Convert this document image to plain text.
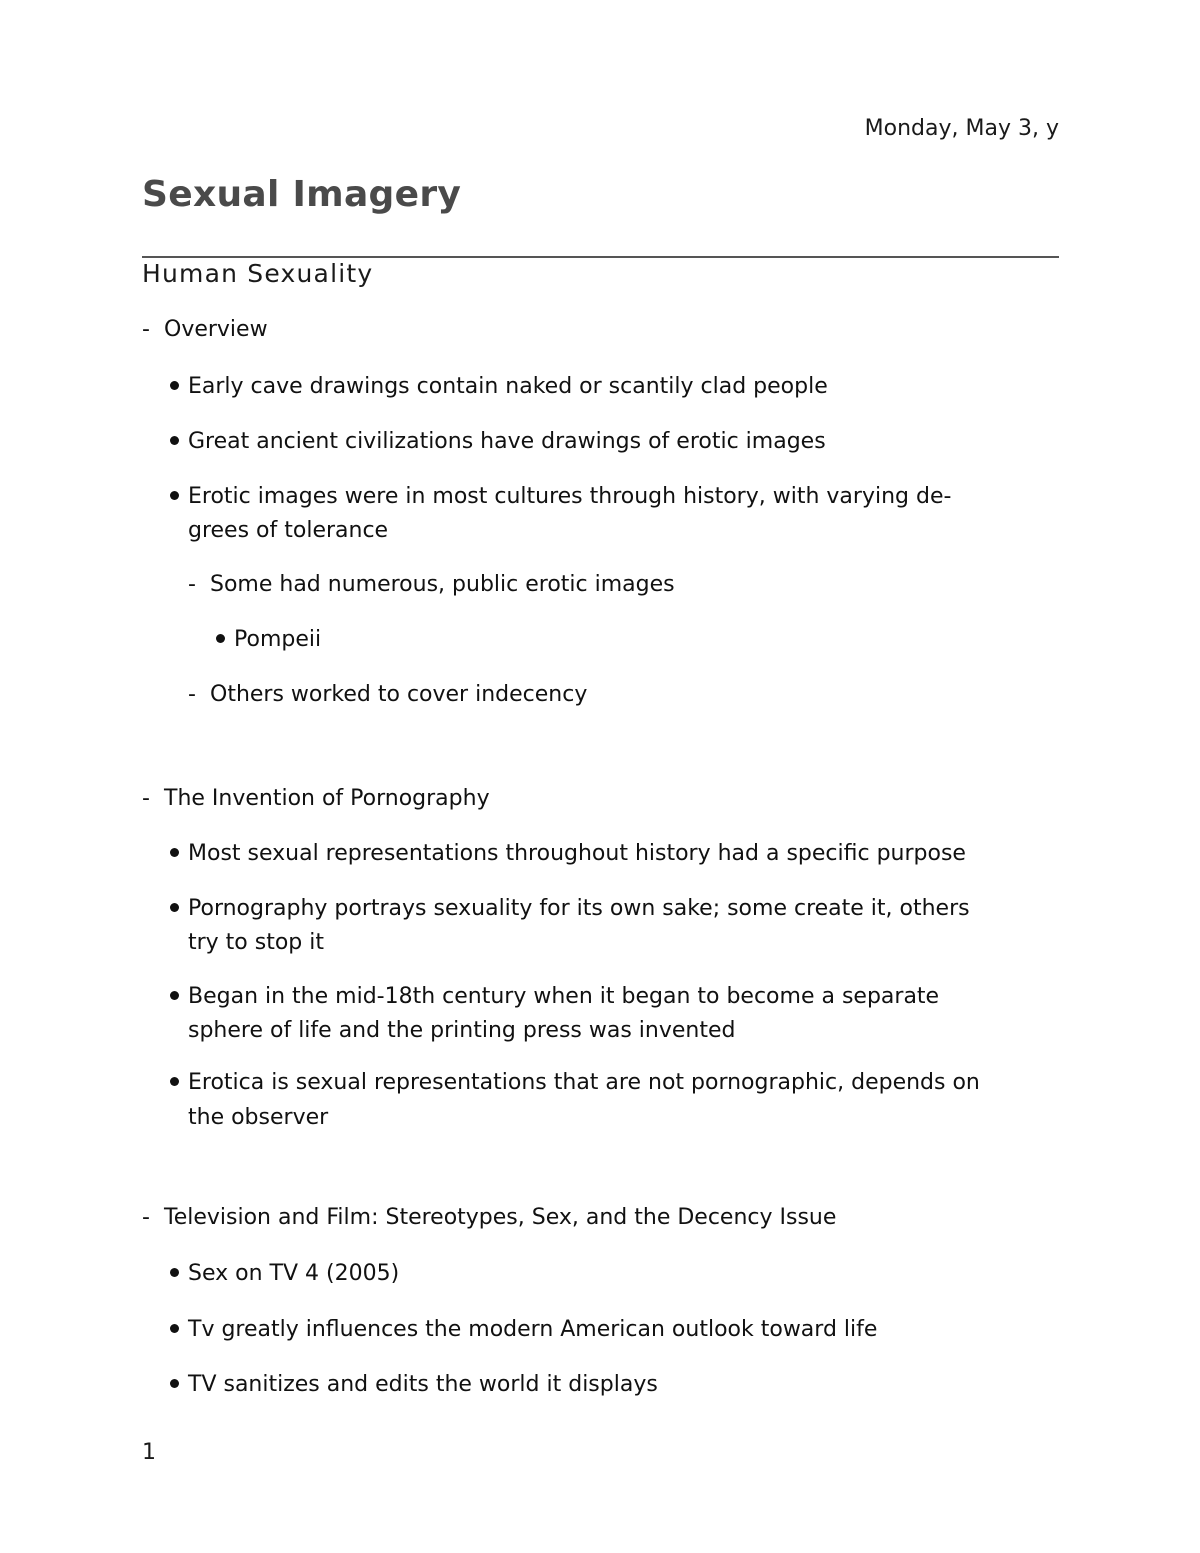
Monday, May 3, y
Sexual Imagery
Human Sexuality
- Overview
Early cave drawings contain naked or scantily clad people
Great ancient civilizations have drawings of erotic images
Erotic images were in most cultures through history, with varying de-
grees of tolerance
- Some had numerous, public erotic images
Pompeii
- Others worked to cover indecency
- The Invention of Pornography
Most sexual representations throughout history had a specific purpose
Pornography portrays sexuality for its own sake; some create it, others
try to stop it
Began in the mid-18th century when it began to become a separate
sphere of life and the printing press was invented
Erotica is sexual representations that are not pornographic, depends on
the observer
- Television and Film: Stereotypes, Sex, and the Decency Issue
Sex on TV 4 (2005)
Tv greatly influences the modern American outlook toward life
TV sanitizes and edits the world it displays
1
